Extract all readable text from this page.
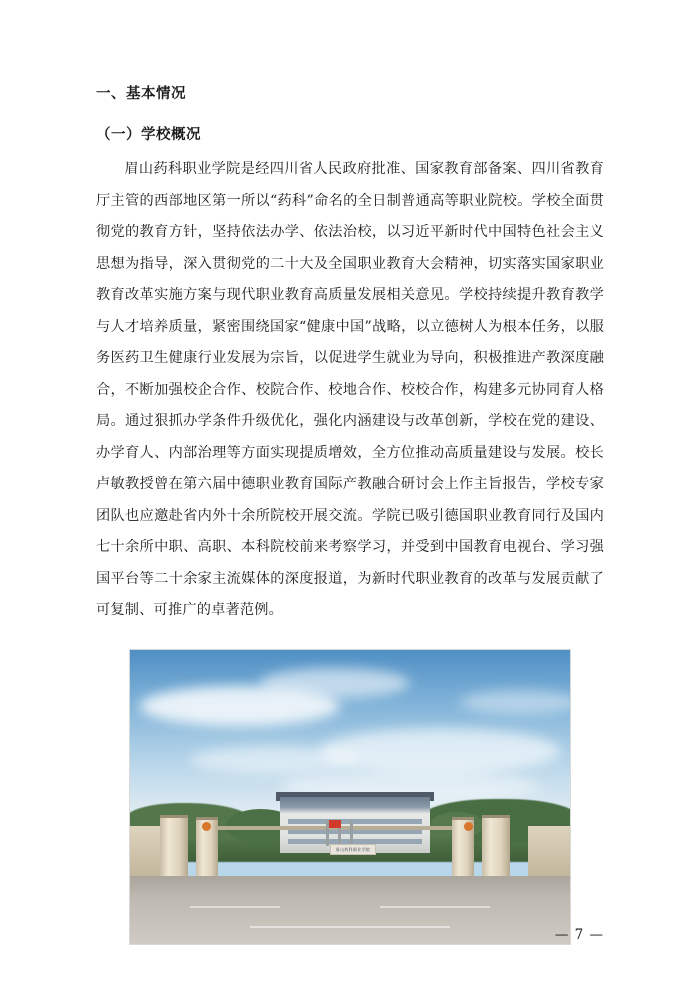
一、基本情况
（一）学校概况

眉山药科职业学院是经四川省人民政府批准、国家教育部备案、四川省教育厅主管的西部地区第一所以“药科”命名的全日制普通高等职业院校。学校全面贯彻党的教育方针，坚持依法办学、依法治校，以习近平新时代中国特色社会主义思想为指导，深入贯彻党的二十大及全国职业教育大会精神，切实落实国家职业教育改革实施方案与现代职业教育高质量发展相关意见。学校持续提升教育教学与人才培养质量，紧密围绕国家“健康中国”战略，以立德树人为根本任务，以服务医药卫生健康行业发展为宗旨，以促进学生就业为导向，积极推进产教深度融合，不断加强校企合作、校院合作、校地合作、校校合作，构建多元协同育人格局。通过狠抓办学条件升级优化，强化内涵建设与改革创新，学校在党的建设、办学育人、内部治理等方面实现提质增效，全方位推动高质量建设与发展。校长卢敏教授曾在第六届中德职业教育国际产教融合研讨会上作主旨报告，学校专家团队也应邀赴省内外十余所院校开展交流。学院已吸引德国职业教育同行及国内七十余所中职、高职、本科院校前来考察学习，并受到中国教育电视台、学习强国平台等二十余家主流媒体的深度报道，为新时代职业教育的改革与发展贡献了可复制、可推广的卓著范例。

眉山药科职业学院
— 7 —
